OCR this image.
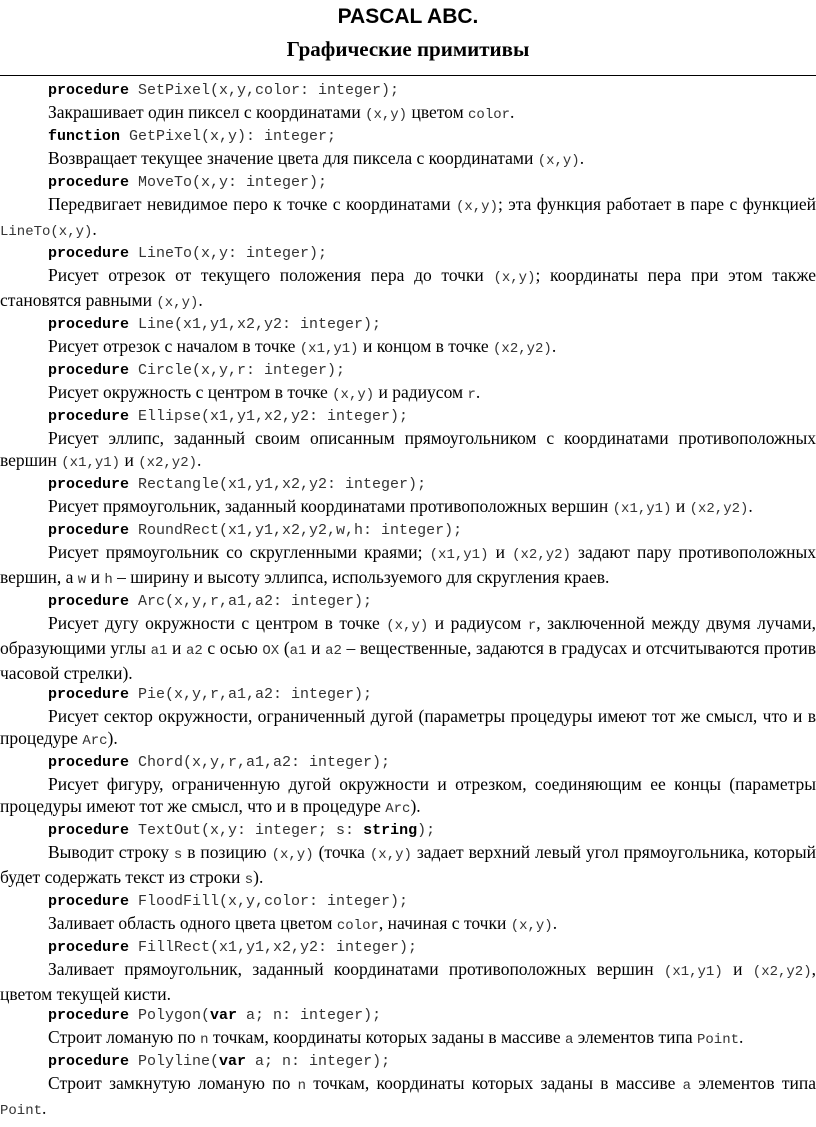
PASCAL ABC.
Графические примитивы
procedure SetPixel(x,y,color: integer);

Закрашивает один пиксел с координатами (x,y) цветом color.

function GetPixel(x,y): integer;

Возвращает текущее значение цвета для пиксела с координатами (x,y).

procedure MoveTo(x,y: integer);

Передвигает невидимое перо к точке с координатами (x,y); эта функция работает в паре с функцией LineTo(x,y).

procedure LineTo(x,y: integer);

Рисует отрезок от текущего положения пера до точки (x,y); координаты пера при этом также становятся равными (x,y).

procedure Line(x1,y1,x2,y2: integer);

Рисует отрезок с началом в точке (x1,y1) и концом в точке (x2,y2).

procedure Circle(x,y,r: integer);

Рисует окружность с центром в точке (x,y) и радиусом r.

procedure Ellipse(x1,y1,x2,y2: integer);

Рисует эллипс, заданный своим описанным прямоугольником с координатами противоположных вершин (x1,y1) и (x2,y2).

procedure Rectangle(x1,y1,x2,y2: integer);

Рисует прямоугольник, заданный координатами противоположных вершин (x1,y1) и (x2,y2).

procedure RoundRect(x1,y1,x2,y2,w,h: integer);

Рисует прямоугольник со скругленными краями; (x1,y1) и (x2,y2) задают пару противоположных вершин, а w и h – ширину и высоту эллипса, используемого для скругления краев.

procedure Arc(x,y,r,a1,a2: integer);

Рисует дугу окружности с центром в точке (x,y) и радиусом r, заключенной между двумя лучами, образующими углы a1 и a2 с осью OX (a1 и a2 – вещественные, задаются в градусах и отсчитываются против часовой стрелки).

procedure Pie(x,y,r,a1,a2: integer);

Рисует сектор окружности, ограниченный дугой (параметры процедуры имеют тот же смысл, что и в процедуре Arc).

procedure Chord(x,y,r,a1,a2: integer);

Рисует фигуру, ограниченную дугой окружности и отрезком, соединяющим ее концы (параметры процедуры имеют тот же смысл, что и в процедуре Arc).

procedure TextOut(x,y: integer; s: string);

Выводит строку s в позицию (x,y) (точка (x,y) задает верхний левый угол прямоугольника, который будет содержать текст из строки s).

procedure FloodFill(x,y,color: integer);

Заливает область одного цвета цветом color, начиная с точки (x,y).

procedure FillRect(x1,y1,x2,y2: integer);

Заливает прямоугольник, заданный координатами противоположных вершин (x1,y1) и (x2,y2), цветом текущей кисти.

procedure Polygon(var a; n: integer);

Строит ломаную по n точкам, координаты которых заданы в массиве a элементов типа Point.

procedure Polyline(var a; n: integer);

Строит замкнутую ломаную по n точкам, координаты которых заданы в массиве a элементов типа Point.
